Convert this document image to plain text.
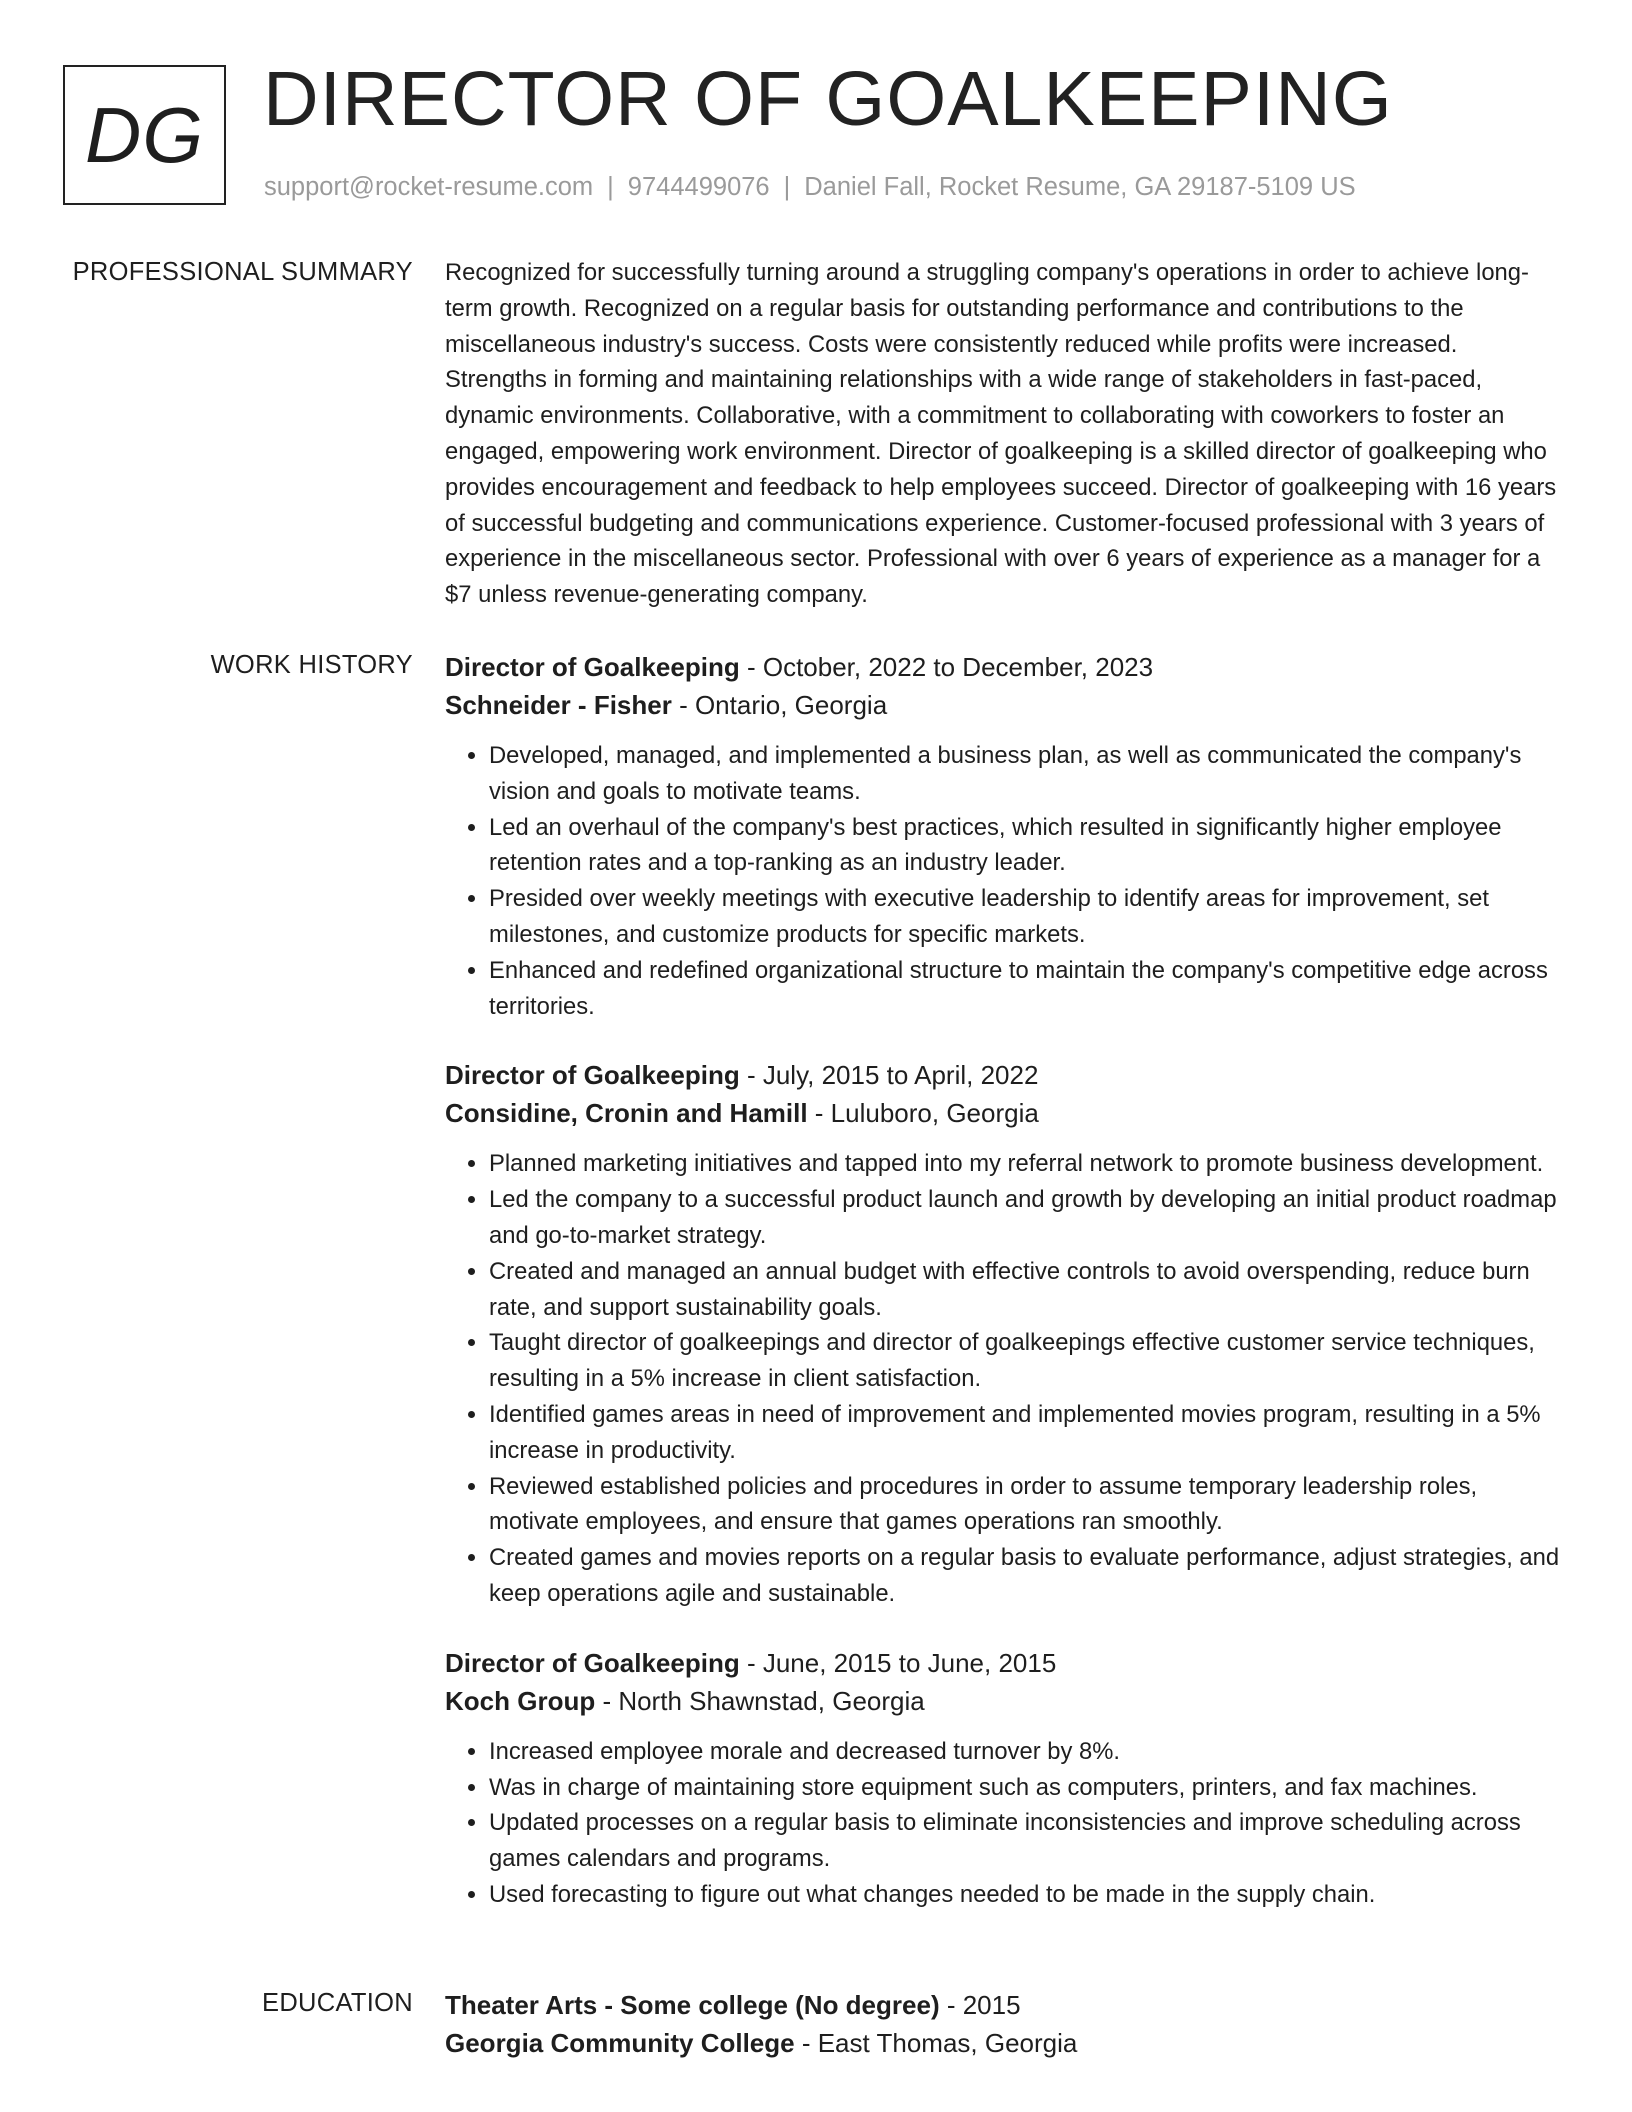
DG DIRECTOR OF GOALKEEPING
support@rocket-resume.com | 9744499076 | Daniel Fall, Rocket Resume, GA 29187-5109 US
PROFESSIONAL SUMMARY Recognized for successfully turning around a struggling company's operations in order to achieve long-term growth. Recognized on a regular basis for outstanding performance and contributions to the miscellaneous industry's success. Costs were consistently reduced while profits were increased. Strengths in forming and maintaining relationships with a wide range of stakeholders in fast-paced, dynamic environments. Collaborative, with a commitment to collaborating with coworkers to foster an engaged, empowering work environment. Director of goalkeeping is a skilled director of goalkeeping who provides encouragement and feedback to help employees succeed. Director of goalkeeping with 16 years of successful budgeting and communications experience. Customer-focused professional with 3 years of experience in the miscellaneous sector. Professional with over 6 years of experience as a manager for a $7 unless revenue-generating company.
WORK HISTORY Director of Goalkeeping - October, 2022 to December, 2023
Schneider - Fisher - Ontario, Georgia
• Developed, managed, and implemented a business plan, as well as communicated the company's vision and goals to motivate teams.
• Led an overhaul of the company's best practices, which resulted in significantly higher employee retention rates and a top-ranking as an industry leader.
• Presided over weekly meetings with executive leadership to identify areas for improvement, set milestones, and customize products for specific markets.
• Enhanced and redefined organizational structure to maintain the company's competitive edge across territories.
Director of Goalkeeping - July, 2015 to April, 2022
Considine, Cronin and Hamill - Luluboro, Georgia
• Planned marketing initiatives and tapped into my referral network to promote business development.
• Led the company to a successful product launch and growth by developing an initial product roadmap and go-to-market strategy.
• Created and managed an annual budget with effective controls to avoid overspending, reduce burn rate, and support sustainability goals.
• Taught director of goalkeepings and director of goalkeepings effective customer service techniques, resulting in a 5% increase in client satisfaction.
• Identified games areas in need of improvement and implemented movies program, resulting in a 5% increase in productivity.
• Reviewed established policies and procedures in order to assume temporary leadership roles, motivate employees, and ensure that games operations ran smoothly.
• Created games and movies reports on a regular basis to evaluate performance, adjust strategies, and keep operations agile and sustainable.
Director of Goalkeeping - June, 2015 to June, 2015
Koch Group - North Shawnstad, Georgia
• Increased employee morale and decreased turnover by 8%.
• Was in charge of maintaining store equipment such as computers, printers, and fax machines.
• Updated processes on a regular basis to eliminate inconsistencies and improve scheduling across games calendars and programs.
• Used forecasting to figure out what changes needed to be made in the supply chain.
EDUCATION Theater Arts - Some college (No degree) - 2015
Georgia Community College - East Thomas, Georgia
